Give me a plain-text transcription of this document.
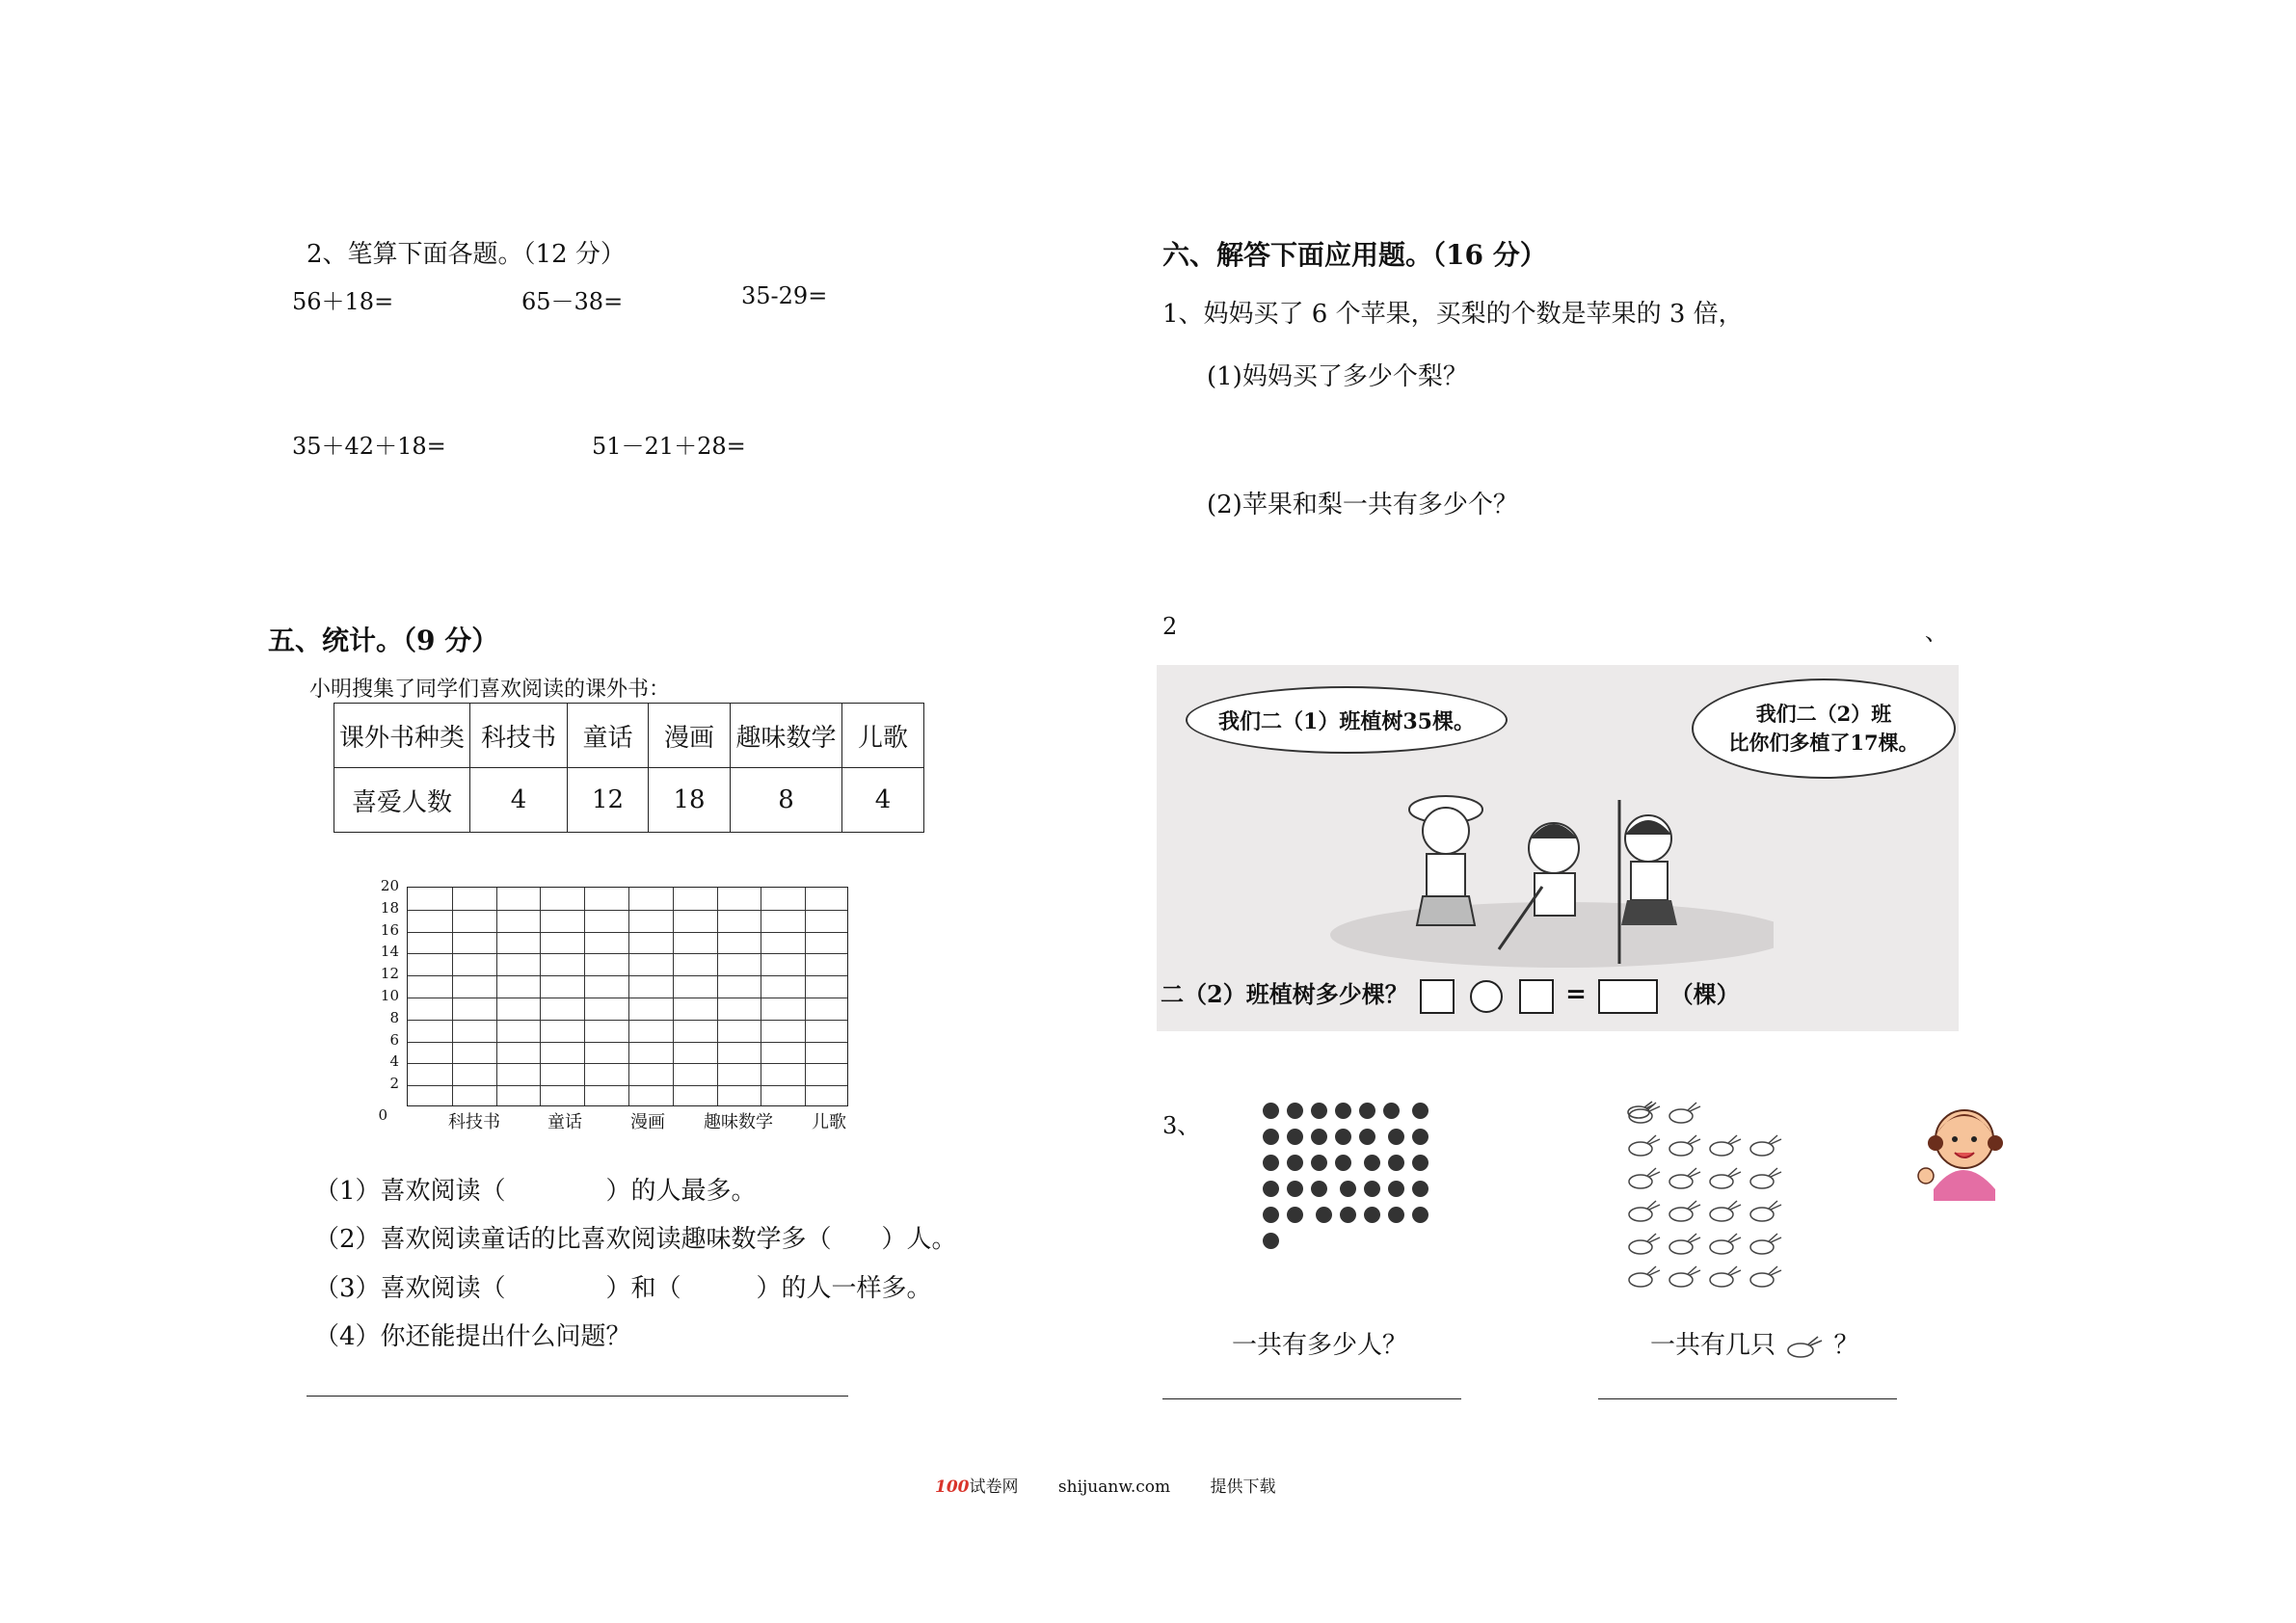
2、笔算下面各题。（12 分）
56＋18=	65－38=	35-29=
35＋42＋18=	51－21＋28=
五、统计。（9 分）
小明搜集了同学们喜欢阅读的课外书：
课外书种类	科技书	童话	漫画	趣味数学	儿歌
喜爱人数	4	12	18	8	4
20
18
16
14
12
10
8
6
4
2
0	科技书	童话	漫画	趣味数学	儿歌
（1）喜欢阅读（　　　　）的人最多。
（2）喜欢阅读童话的比喜欢阅读趣味数学多（　　）人。
（3）喜欢阅读（　　　　）和（　　　）的人一样多。
（4）你还能提出什么问题？
六、解答下面应用题。（16 分）
1、妈妈买了 6 个苹果，买梨的个数是苹果的 3 倍，
(1)妈妈买了多少个梨？
(2)苹果和梨一共有多少个？
2	、
我们二（1）班植树35棵。	我们二（2）班
比你们多植了17棵。
二（2）班植树多少棵？	=	（棵）
3、

一共有多少人？	一共有几只 ？
100试卷网 shijuanw.com 提供下载
